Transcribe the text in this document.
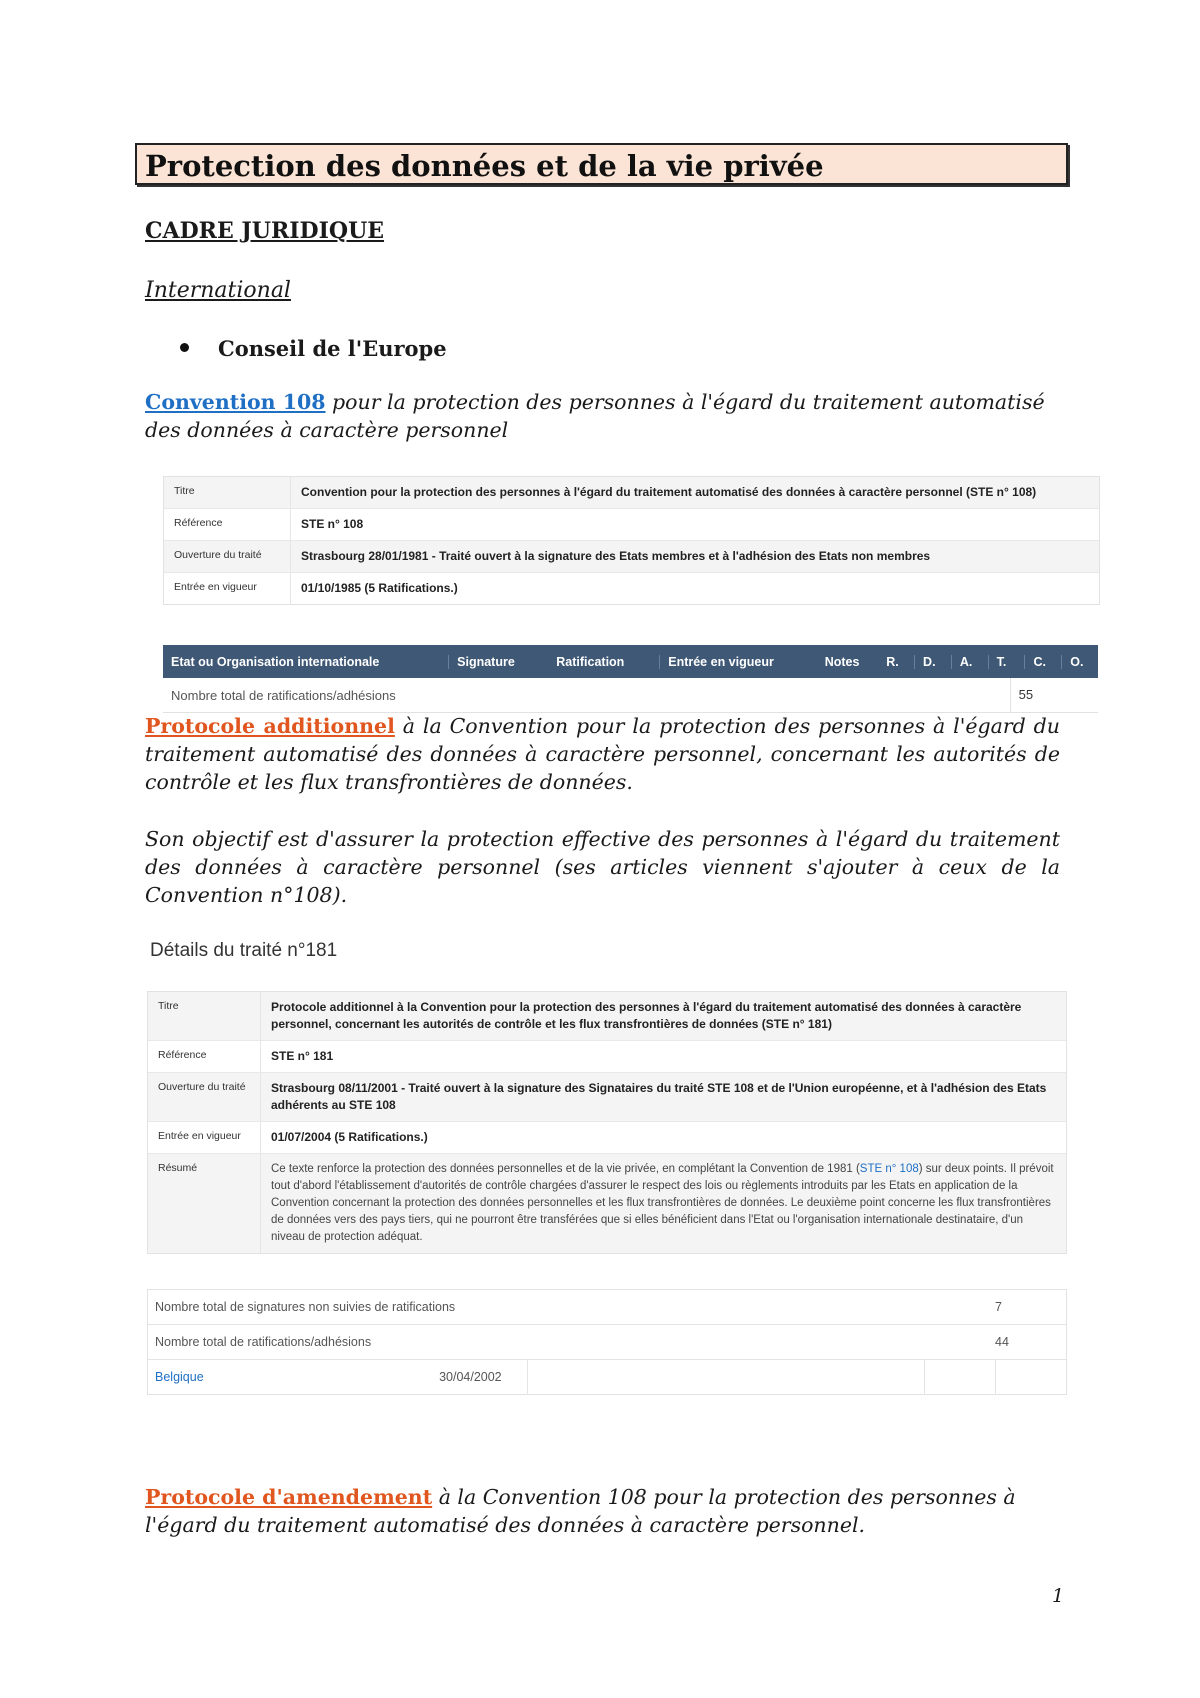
Protection des données et de la vie privée
CADRE JURIDIQUE
International
Conseil de l'Europe
Convention 108 pour la protection des personnes à l'égard du traitement automatisé des données à caractère personnel
Titre	Convention pour la protection des personnes à l'égard du traitement automatisé des données à caractère personnel (STE n° 108)
Référence	STE n° 108
Ouverture du traité	Strasbourg 28/01/1981 - Traité ouvert à la signature des Etats membres et à l'adhésion des Etats non membres
Entrée en vigueur	01/10/1985 (5 Ratifications.)
Etat ou Organisation internationale	Signature	Ratification	Entrée en vigueur	Notes	R.	D.	A.	T.	C.	O.
Nombre total de ratifications/adhésions	55
Protocole additionnel à la Convention pour la protection des personnes à l'égard du traitement automatisé des données à caractère personnel, concernant les autorités de contrôle et les flux transfrontières de données.
Son objectif est d'assurer la protection effective des personnes à l'égard du traitement des données à caractère personnel (ses articles viennent s'ajouter à ceux de la Convention n°108).
Détails du traité n°181
Titre	Protocole additionnel à la Convention pour la protection des personnes à l'égard du traitement automatisé des données à caractère personnel, concernant les autorités de contrôle et les flux transfrontières de données (STE n° 181)
Référence	STE n° 181
Ouverture du traité	Strasbourg 08/11/2001 - Traité ouvert à la signature des Signataires du traité STE 108 et de l'Union européenne, et à l'adhésion des Etats adhérents au STE 108
Entrée en vigueur	01/07/2004 (5 Ratifications.)
Résumé	Ce texte renforce la protection des données personnelles et de la vie privée, en complétant la Convention de 1981 (STE n° 108) sur deux points. Il prévoit tout d'abord l'établissement d'autorités de contrôle chargées d'assurer le respect des lois ou règlements introduits par les Etats en application de la Convention concernant la protection des données personnelles et les flux transfrontières de données. Le deuxième point concerne les flux transfrontières de données vers des pays tiers, qui ne pourront être transférées que si elles bénéficient dans l'Etat ou l'organisation internationale destinataire, d'un niveau de protection adéquat.
Nombre total de signatures non suivies de ratifications	7
Nombre total de ratifications/adhésions	44
Belgique	30/04/2002
Protocole d'amendement à la Convention 108 pour la protection des personnes à l'égard du traitement automatisé des données à caractère personnel.
1
